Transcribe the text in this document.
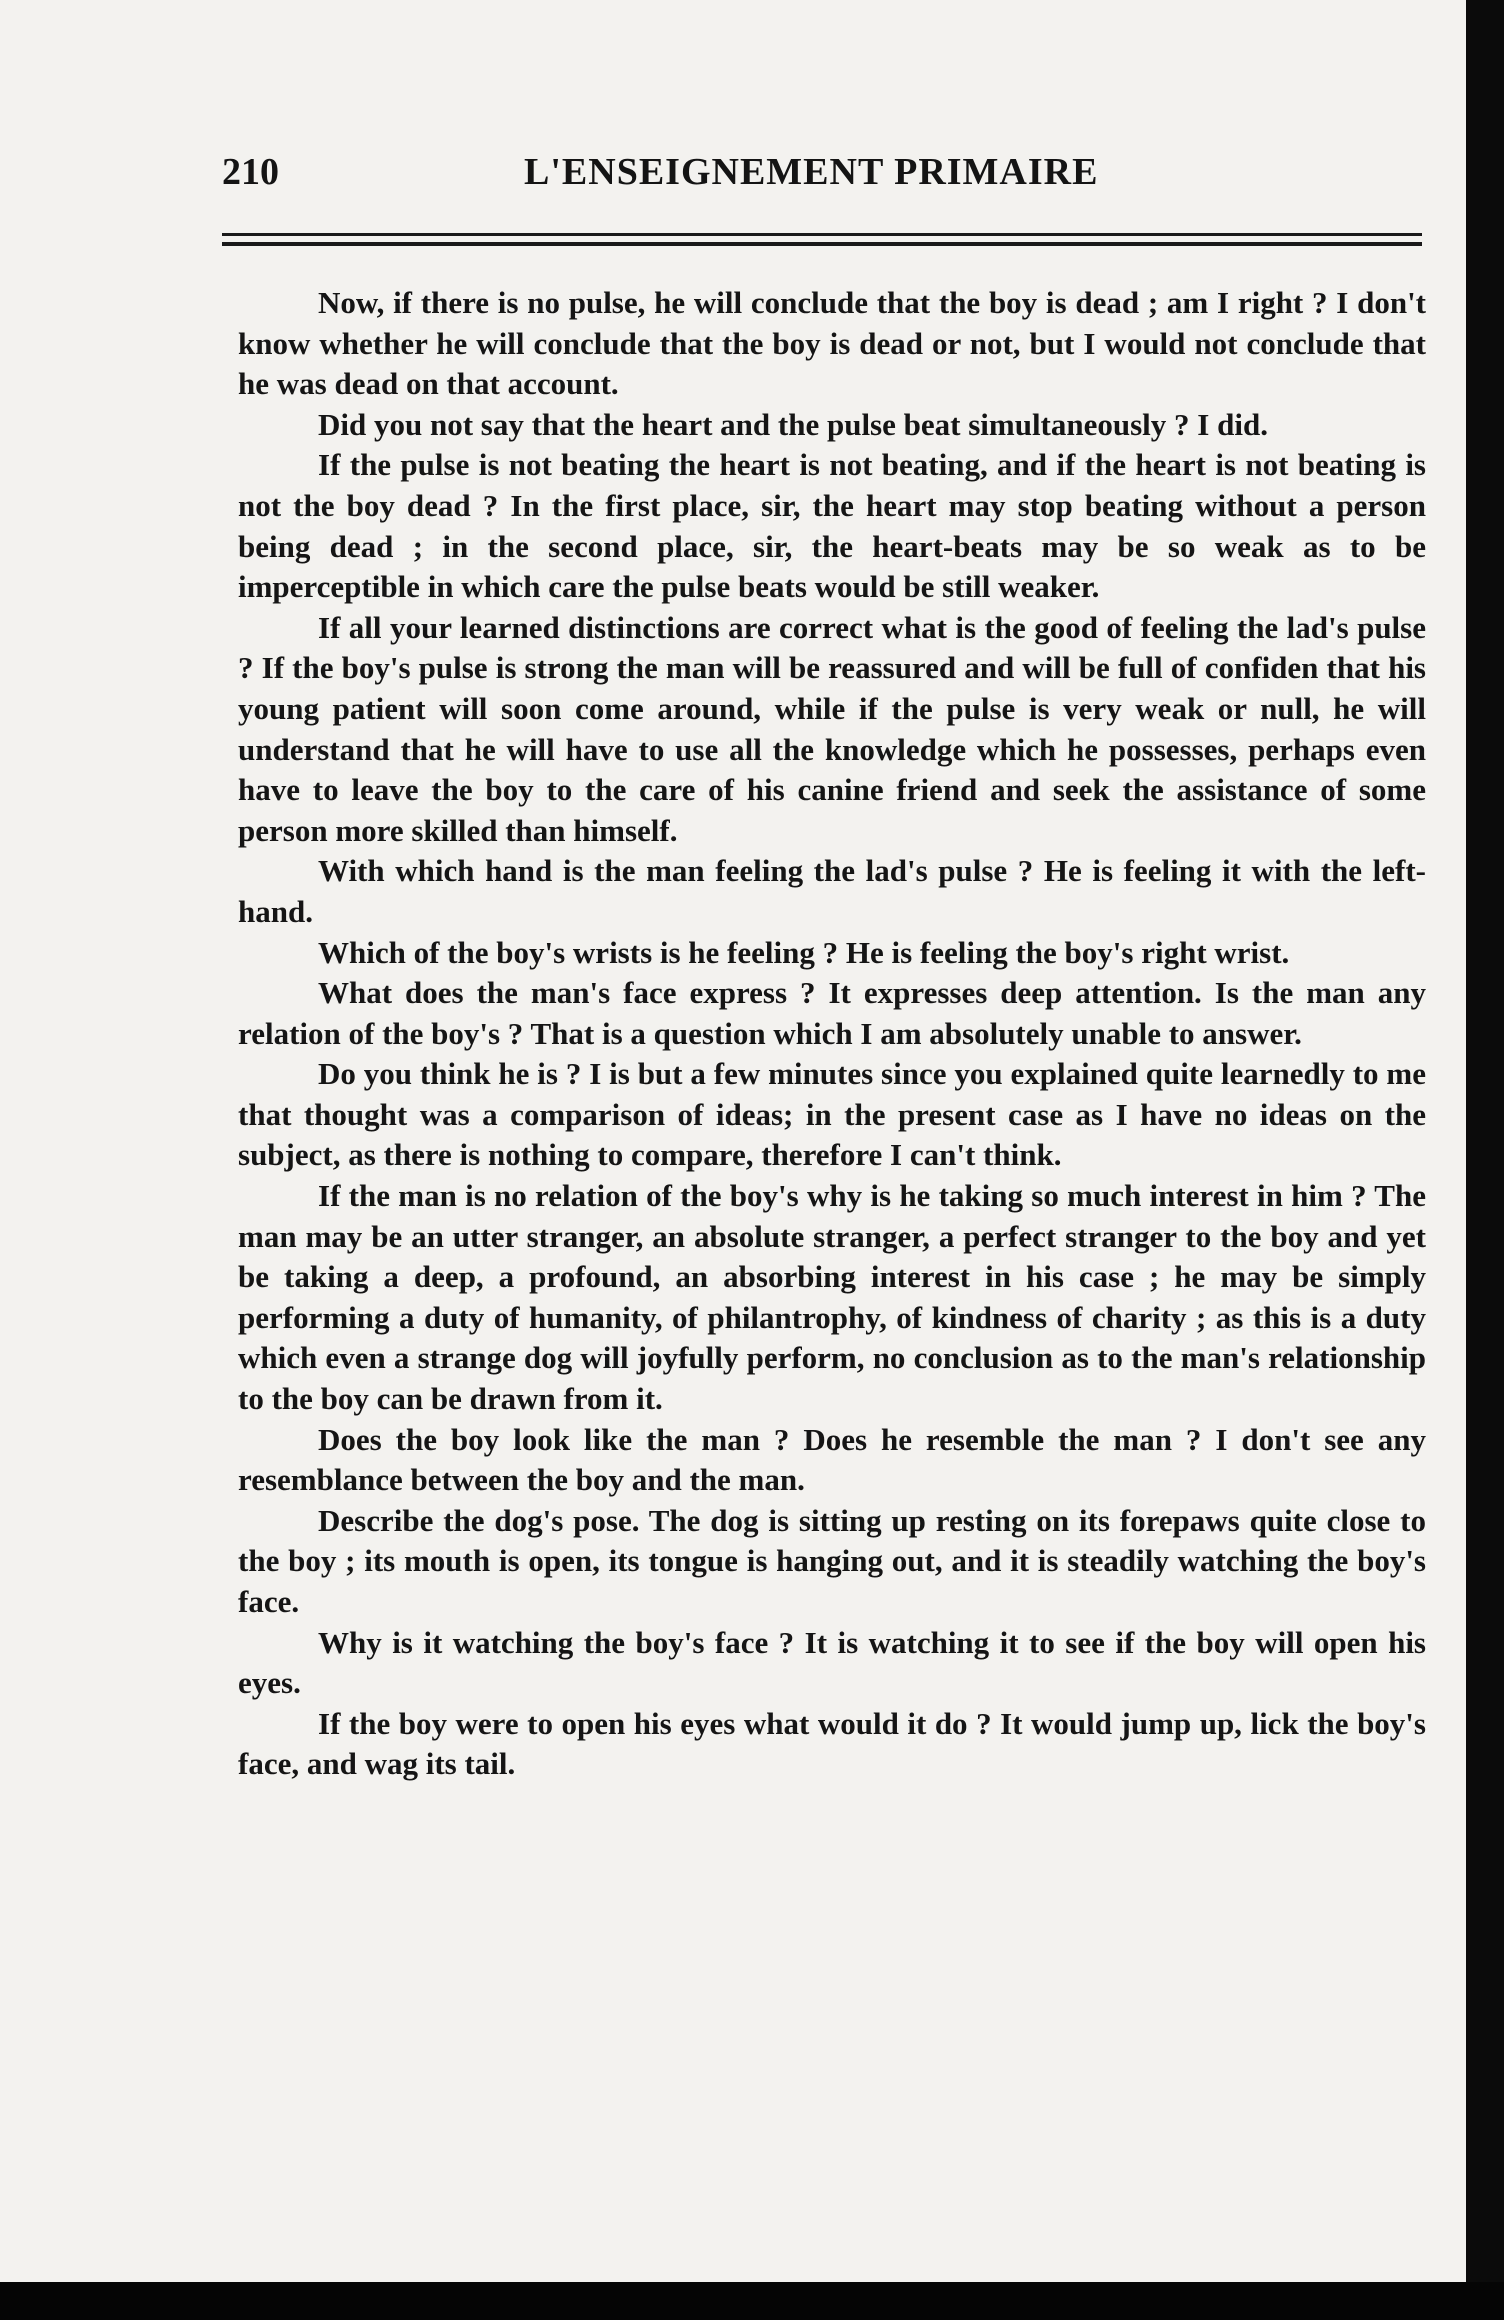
210	L'ENSEIGNEMENT PRIMAIRE

Now, if there is no pulse, he will conclude that the boy is dead ; am I right ? I don't know whether he will conclude that the boy is dead or not, but I would not conclude that he was dead on that account.

Did you not say that the heart and the pulse beat simultaneously ? I did.

If the pulse is not beating the heart is not beating, and if the heart is not beating is not the boy dead ? In the first place, sir, the heart may stop beating without a person being dead ; in the second place, sir, the heart-beats may be so weak as to be imperceptible in which care the pulse beats would be still weaker.

If all your learned distinctions are correct what is the good of feeling the lad's pulse ? If the boy's pulse is strong the man will be reassured and will be full of confiden that his young patient will soon come around, while if the pulse is very weak or null, he will understand that he will have to use all the knowledge which he possesses, perhaps even have to leave the boy to the care of his canine friend and seek the assistance of some person more skilled than himself.

With which hand is the man feeling the lad's pulse ? He is feeling it with the left-hand.

Which of the boy's wrists is he feeling ? He is feeling the boy's right wrist.

What does the man's face express ? It expresses deep attention. Is the man any relation of the boy's ? That is a question which I am absolutely unable to answer.

Do you think he is ? I is but a few minutes since you explained quite learnedly to me that thought was a comparison of ideas; in the present case as I have no ideas on the subject, as there is nothing to compare, therefore I can't think.

If the man is no relation of the boy's why is he taking so much interest in him ? The man may be an utter stranger, an absolute stranger, a perfect stranger to the boy and yet be taking a deep, a profound, an absorbing interest in his case ; he may be simply performing a duty of humanity, of philantrophy, of kindness of charity ; as this is a duty which even a strange dog will joyfully perform, no conclusion as to the man's relationship to the boy can be drawn from it.

Does the boy look like the man ? Does he resemble the man ? I don't see any resemblance between the boy and the man.

Describe the dog's pose. The dog is sitting up resting on its forepaws quite close to the boy ; its mouth is open, its tongue is hanging out, and it is steadily watching the boy's face.

Why is it watching the boy's face ? It is watching it to see if the boy will open his eyes.

If the boy were to open his eyes what would it do ? It would jump up, lick the boy's face, and wag its tail.
